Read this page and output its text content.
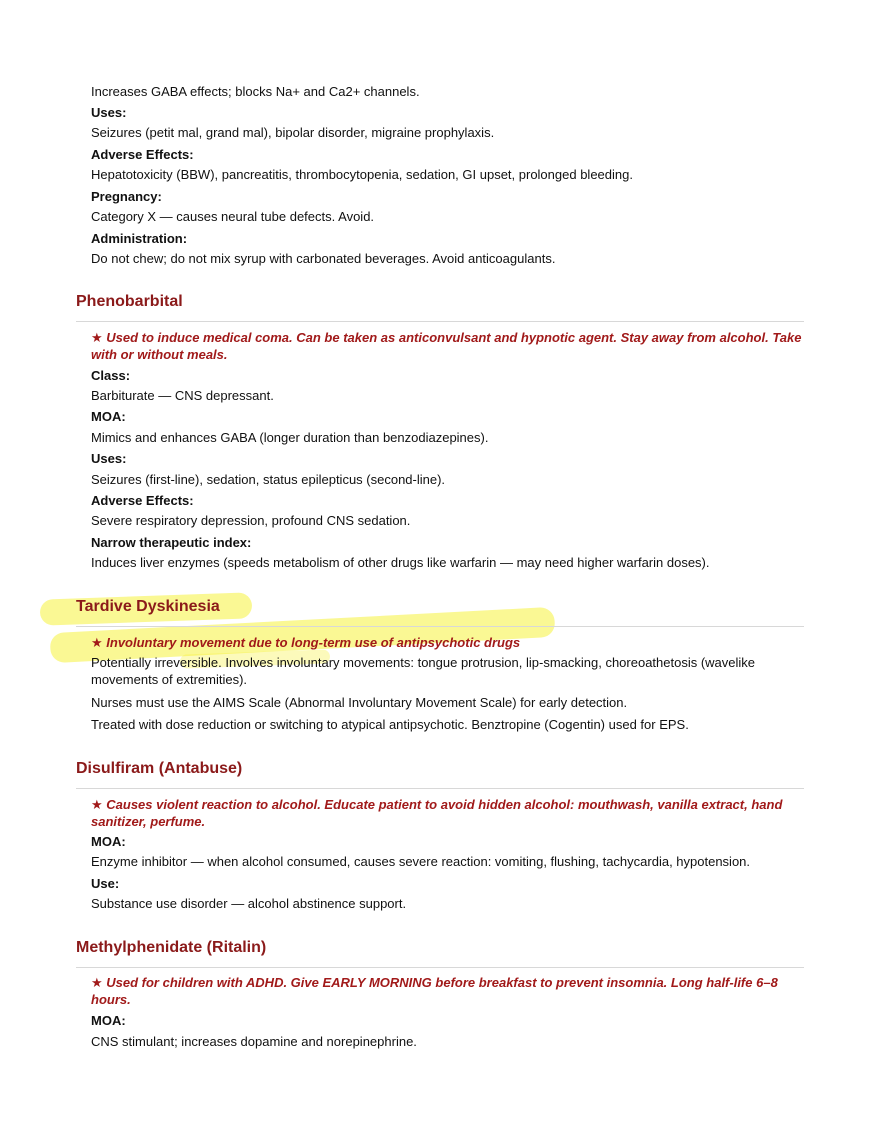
Increases GABA effects; blocks Na+ and Ca2+ channels.
Uses:
Seizures (petit mal, grand mal), bipolar disorder, migraine prophylaxis.
Adverse Effects:
Hepatotoxicity (BBW), pancreatitis, thrombocytopenia, sedation, GI upset, prolonged bleeding.
Pregnancy:
Category X — causes neural tube defects. Avoid.
Administration:
Do not chew; do not mix syrup with carbonated beverages. Avoid anticoagulants.
Phenobarbital
★ Used to induce medical coma. Can be taken as anticonvulsant and hypnotic agent. Stay away from alcohol. Take with or without meals.
Class:
Barbiturate — CNS depressant.
MOA:
Mimics and enhances GABA (longer duration than benzodiazepines).
Uses:
Seizures (first-line), sedation, status epilepticus (second-line).
Adverse Effects:
Severe respiratory depression, profound CNS sedation.
Narrow therapeutic index:
Induces liver enzymes (speeds metabolism of other drugs like warfarin — may need higher warfarin doses).
Tardive Dyskinesia
★ Involuntary movement due to long-term use of antipsychotic drugs
Potentially irreversible. Involves involuntary movements: tongue protrusion, lip-smacking, choreoathetosis (wavelike movements of extremities).
Nurses must use the AIMS Scale (Abnormal Involuntary Movement Scale) for early detection.
Treated with dose reduction or switching to atypical antipsychotic. Benztropine (Cogentin) used for EPS.
Disulfiram (Antabuse)
★ Causes violent reaction to alcohol. Educate patient to avoid hidden alcohol: mouthwash, vanilla extract, hand sanitizer, perfume.
MOA:
Enzyme inhibitor — when alcohol consumed, causes severe reaction: vomiting, flushing, tachycardia, hypotension.
Use:
Substance use disorder — alcohol abstinence support.
Methylphenidate (Ritalin)
★ Used for children with ADHD. Give EARLY MORNING before breakfast to prevent insomnia. Long half-life 6–8 hours.
MOA:
CNS stimulant; increases dopamine and norepinephrine.
